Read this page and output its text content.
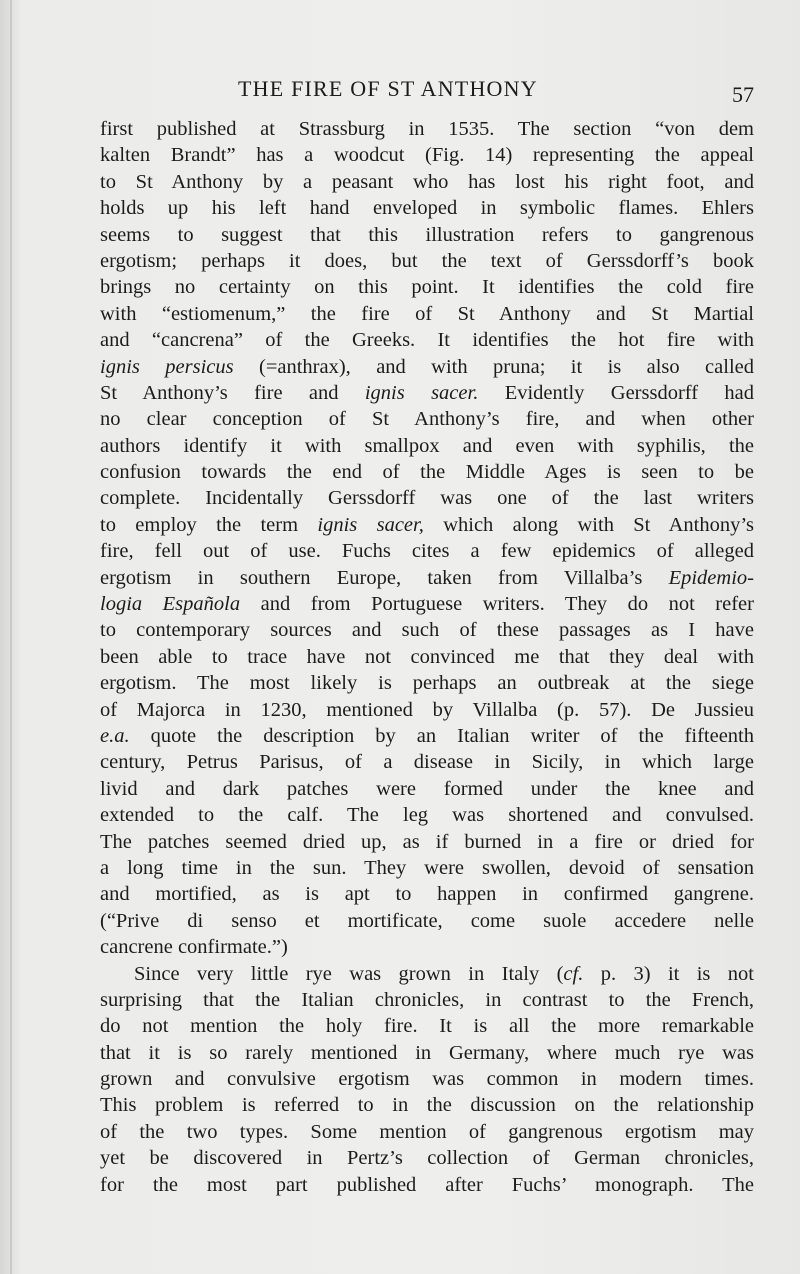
THE FIRE OF ST ANTHONY	57
first published at Strassburg in 1535. The section “von dem
kalten Brandt” has a woodcut (Fig. 14) representing the appeal
to St Anthony by a peasant who has lost his right foot, and
holds up his left hand enveloped in symbolic flames. Ehlers
seems to suggest that this illustration refers to gangrenous
ergotism; perhaps it does, but the text of Gerssdorff’s book
brings no certainty on this point. It identifies the cold fire
with “estiomenum,” the fire of St Anthony and St Martial
and “cancrena” of the Greeks. It identifies the hot fire with
ignis persicus (=anthrax), and with pruna; it is also called
St Anthony’s fire and ignis sacer. Evidently Gerssdorff had
no clear conception of St Anthony’s fire, and when other
authors identify it with smallpox and even with syphilis, the
confusion towards the end of the Middle Ages is seen to be
complete. Incidentally Gerssdorff was one of the last writers
to employ the term ignis sacer, which along with St Anthony’s
fire, fell out of use. Fuchs cites a few epidemics of alleged
ergotism in southern Europe, taken from Villalba’s Epidemio-
logia Española and from Portuguese writers. They do not refer
to contemporary sources and such of these passages as I have
been able to trace have not convinced me that they deal with
ergotism. The most likely is perhaps an outbreak at the siege
of Majorca in 1230, mentioned by Villalba (p. 57). De Jussieu
e.a. quote the description by an Italian writer of the fifteenth
century, Petrus Parisus, of a disease in Sicily, in which large
livid and dark patches were formed under the knee and
extended to the calf. The leg was shortened and convulsed.
The patches seemed dried up, as if burned in a fire or dried for
a long time in the sun. They were swollen, devoid of sensation
and mortified, as is apt to happen in confirmed gangrene.
(“Prive di senso et mortificate, come suole accedere nelle
cancrene confirmate.”)
Since very little rye was grown in Italy (cf. p. 3) it is not
surprising that the Italian chronicles, in contrast to the French,
do not mention the holy fire. It is all the more remarkable
that it is so rarely mentioned in Germany, where much rye was
grown and convulsive ergotism was common in modern times.
This problem is referred to in the discussion on the relationship
of the two types. Some mention of gangrenous ergotism may
yet be discovered in Pertz’s collection of German chronicles,
for the most part published after Fuchs’ monograph. The
